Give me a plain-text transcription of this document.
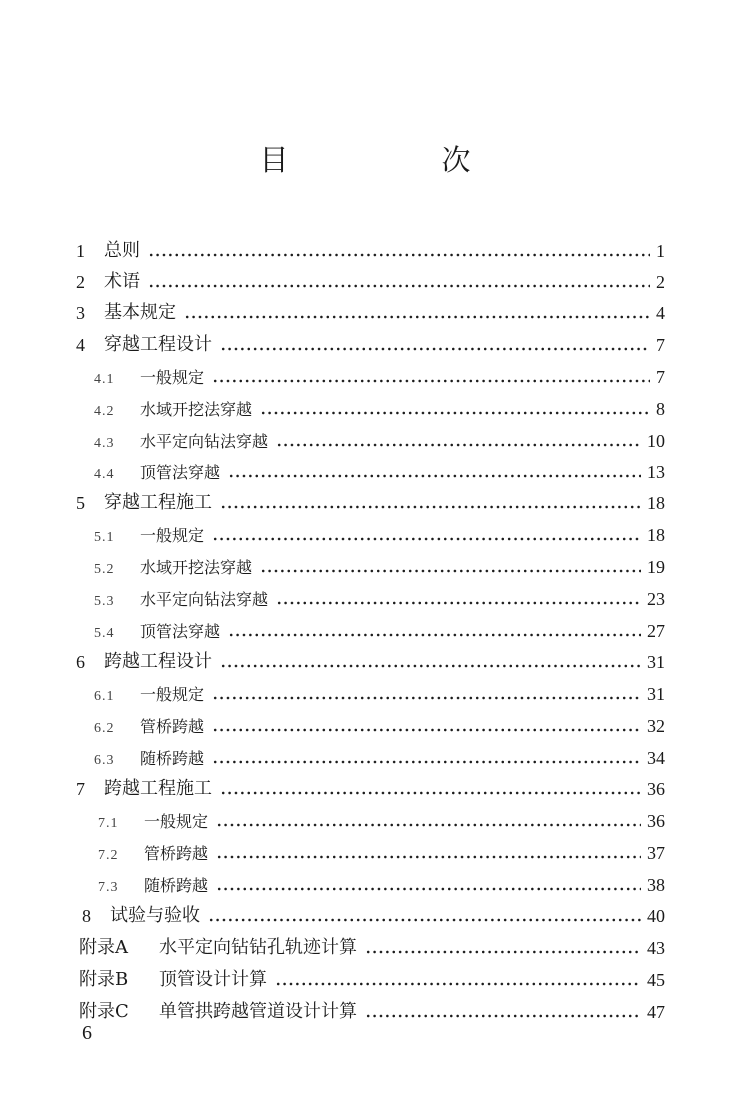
目　次
1	总则	1
2	术语	2
3	基本规定	4
4	穿越工程设计	7
4.1	一般规定	7
4.2	水域开挖法穿越	8
4.3	水平定向钻法穿越	10
4.4	顶管法穿越	13
5	穿越工程施工	18
5.1	一般规定	18
5.2	水域开挖法穿越	19
5.3	水平定向钻法穿越	23
5.4	顶管法穿越	27
6	跨越工程设计	31
6.1	一般规定	31
6.2	管桥跨越	32
6.3	随桥跨越	34
7	跨越工程施工	36
7.1	一般规定	36
7.2	管桥跨越	37
7.3	随桥跨越	38
8	试验与验收	40
附录A	水平定向钻钻孔轨迹计算	43
附录B	顶管设计计算	45
附录C	单管拱跨越管道设计计算	47
6
